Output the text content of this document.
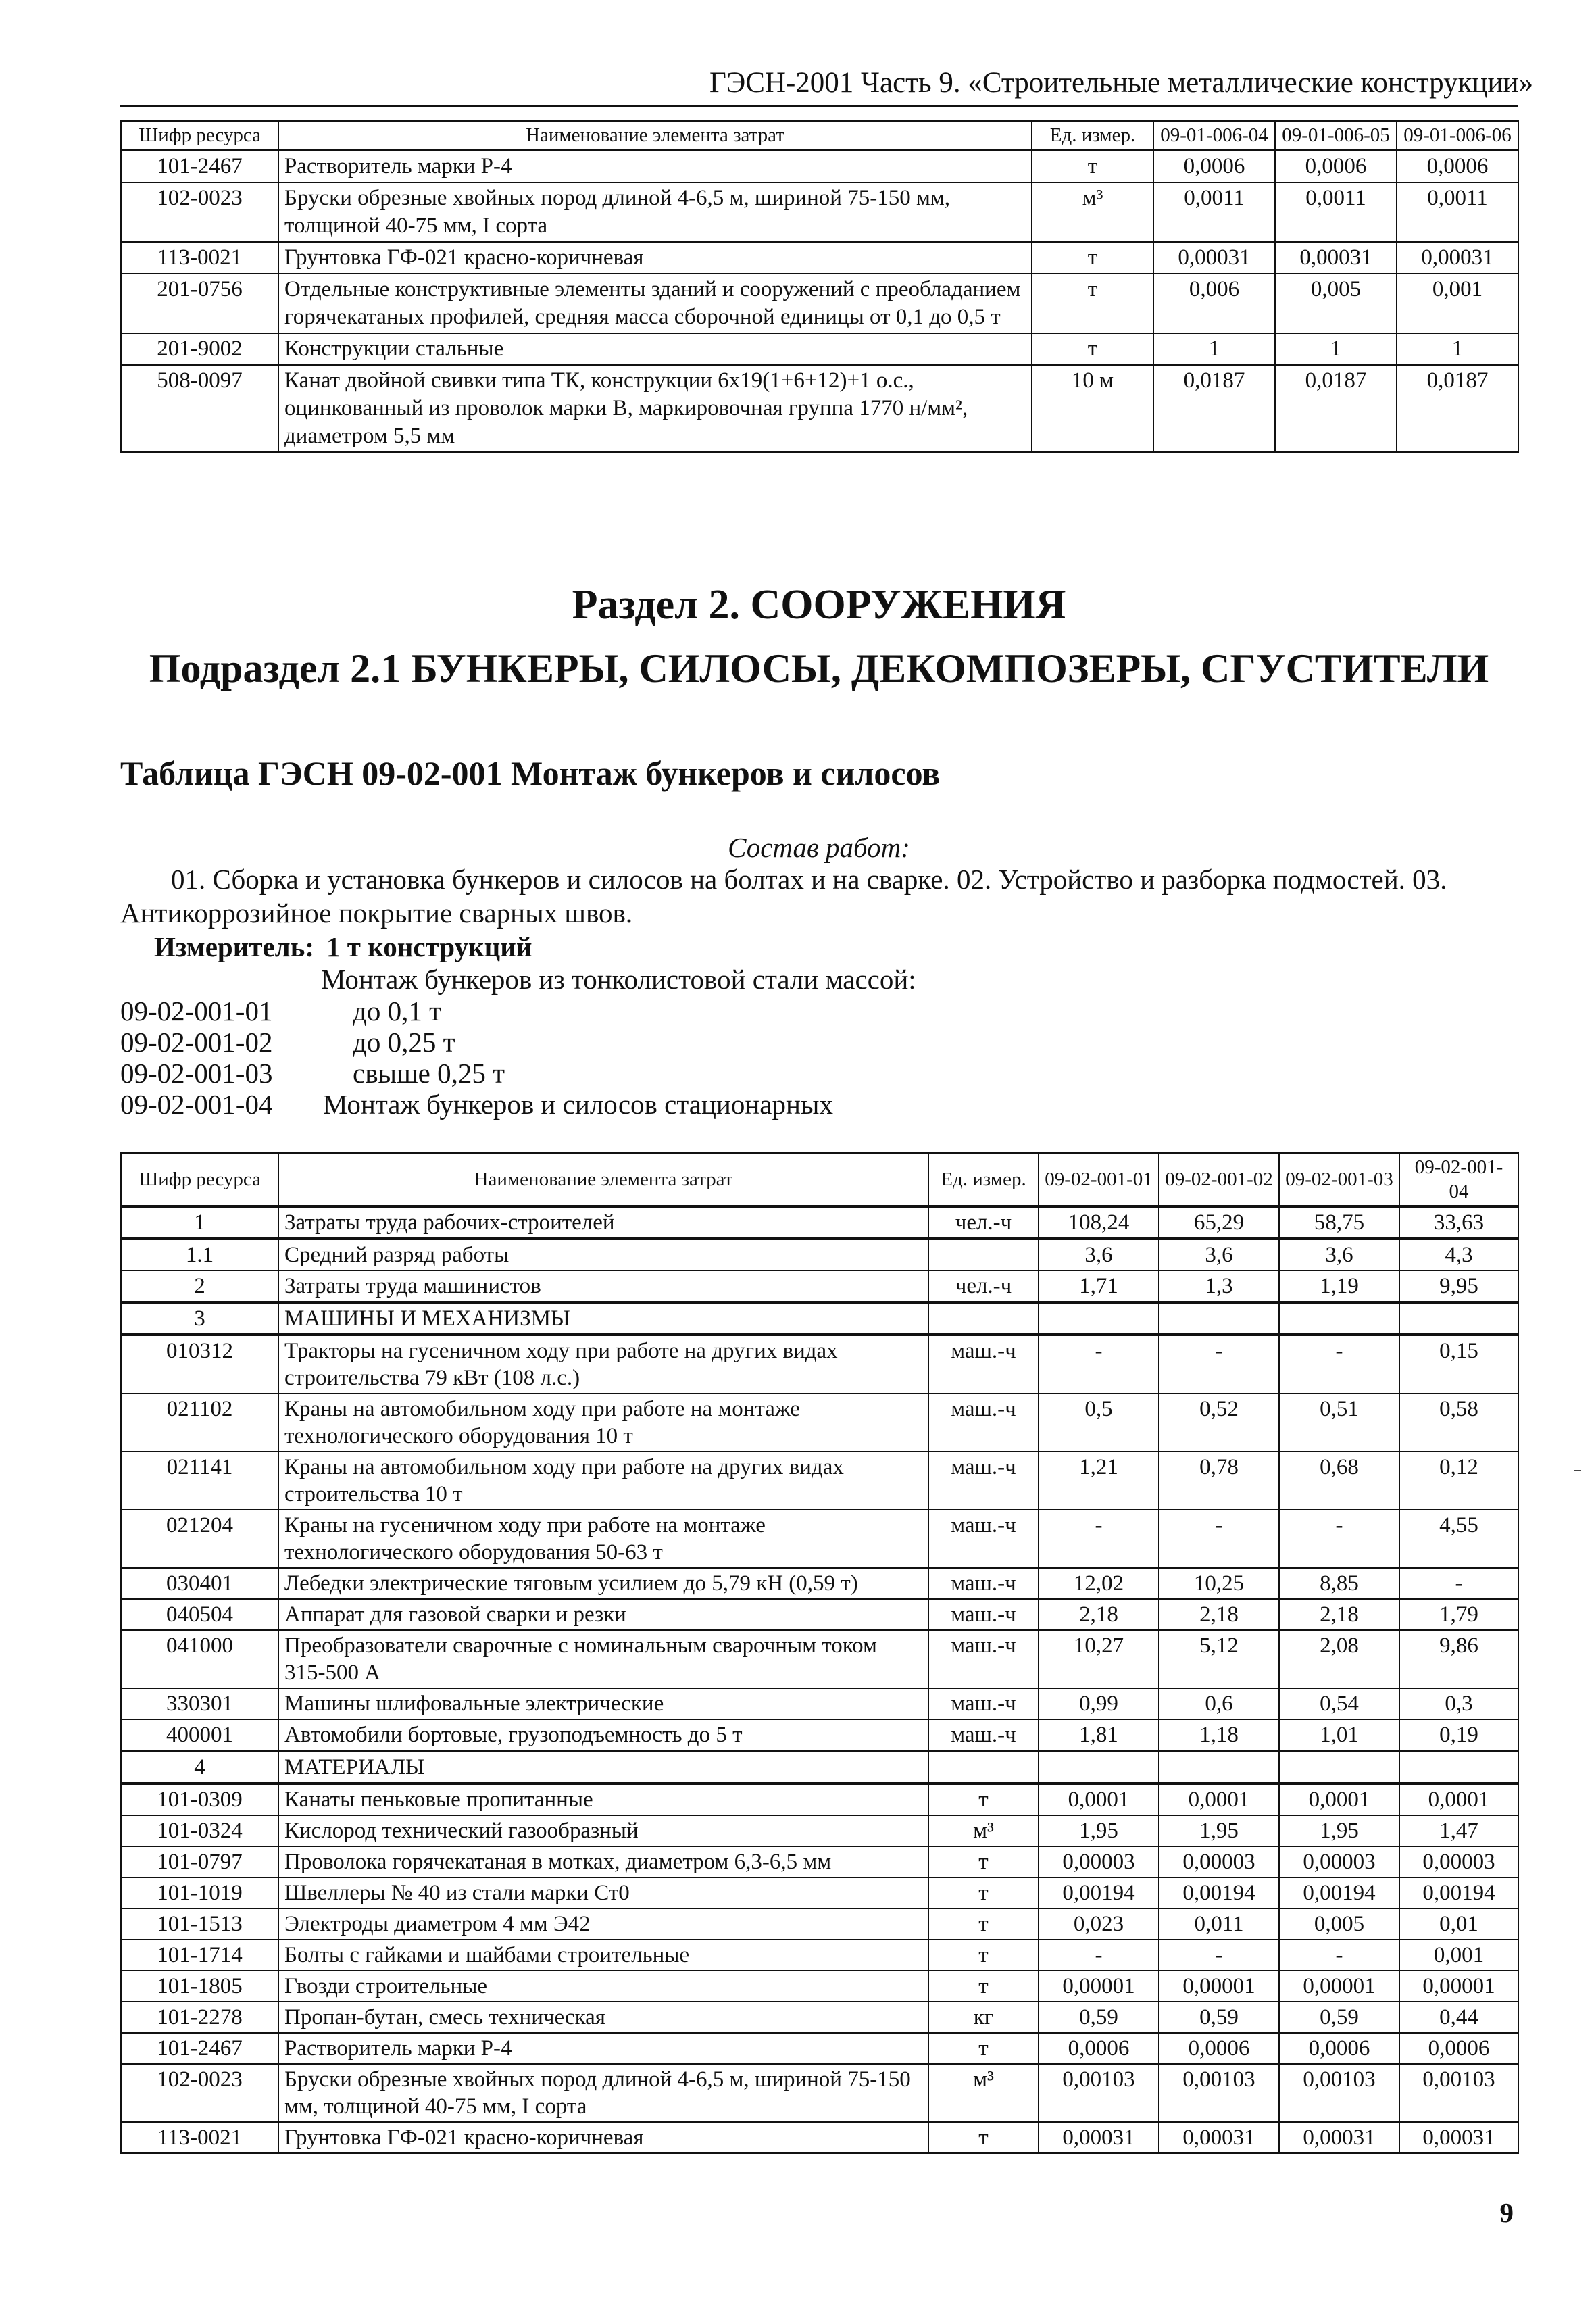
ГЭСН-2001 Часть 9. «Строительные металлические конструкции»
Шифр ресурса	Наименование элемента затрат	Ед. измер.	09-01-006-04	09-01-006-05	09-01-006-06
101-2467	Растворитель марки Р-4	т	0,0006	0,0006	0,0006
102-0023	Бруски обрезные хвойных пород длиной 4-6,5 м, шириной 75-150 мм, толщиной 40-75 мм, I сорта	м³	0,0011	0,0011	0,0011
113-0021	Грунтовка ГФ-021 красно-коричневая	т	0,00031	0,00031	0,00031
201-0756	Отдельные конструктивные элементы зданий и сооружений с преобладанием горячекатаных профилей, средняя масса сборочной единицы от 0,1 до 0,5 т	т	0,006	0,005	0,001
201-9002	Конструкции стальные	т	1	1	1
508-0097	Канат двойной свивки типа ТК, конструкции 6х19(1+6+12)+1 о.с., оцинкованный из проволок марки В, маркировочная группа 1770 н/мм², диаметром 5,5 мм	10 м	0,0187	0,0187	0,0187
Раздел 2. СООРУЖЕНИЯ
Подраздел 2.1 БУНКЕРЫ, СИЛОСЫ, ДЕКОМПОЗЕРЫ, СГУСТИТЕЛИ
Таблица ГЭСН 09-02-001 Монтаж бункеров и силосов
Состав работ:
01. Сборка и установка бункеров и силосов на болтах и на сварке. 02. Устройство и разборка подмостей. 03. Антикоррозийное покрытие сварных швов.
Измеритель: 1 т конструкций
Монтаж бункеров из тонколистовой стали массой:
09-02-001-01	до 0,1 т
09-02-001-02	до 0,25 т
09-02-001-03	свыше 0,25 т
09-02-001-04 Монтаж бункеров и силосов стационарных
Шифр ресурса	Наименование элемента затрат	Ед. измер.	09-02-001-01	09-02-001-02	09-02-001-03	09-02-001-04
1	Затраты труда рабочих-строителей	чел.-ч	108,24	65,29	58,75	33,63
1.1	Средний разряд работы		3,6	3,6	3,6	4,3
2	Затраты труда машинистов	чел.-ч	1,71	1,3	1,19	9,95
3	МАШИНЫ И МЕХАНИЗМЫ					
010312	Тракторы на гусеничном ходу при работе на других видах строительства 79 кВт (108 л.с.)	маш.-ч	-	-	-	0,15
021102	Краны на автомобильном ходу при работе на монтаже технологического оборудования 10 т	маш.-ч	0,5	0,52	0,51	0,58
021141	Краны на автомобильном ходу при работе на других видах строительства 10 т	маш.-ч	1,21	0,78	0,68	0,12
021204	Краны на гусеничном ходу при работе на монтаже технологического оборудования 50-63 т	маш.-ч	-	-	-	4,55
030401	Лебедки электрические тяговым усилием до 5,79 кН (0,59 т)	маш.-ч	12,02	10,25	8,85	-
040504	Аппарат для газовой сварки и резки	маш.-ч	2,18	2,18	2,18	1,79
041000	Преобразователи сварочные с номинальным сварочным током 315-500 А	маш.-ч	10,27	5,12	2,08	9,86
330301	Машины шлифовальные электрические	маш.-ч	0,99	0,6	0,54	0,3
400001	Автомобили бортовые, грузоподъемность до 5 т	маш.-ч	1,81	1,18	1,01	0,19
4	МАТЕРИАЛЫ					
101-0309	Канаты пеньковые пропитанные	т	0,0001	0,0001	0,0001	0,0001
101-0324	Кислород технический газообразный	м³	1,95	1,95	1,95	1,47
101-0797	Проволока горячекатаная в мотках, диаметром 6,3-6,5 мм	т	0,00003	0,00003	0,00003	0,00003
101-1019	Швеллеры № 40 из стали марки Ст0	т	0,00194	0,00194	0,00194	0,00194
101-1513	Электроды диаметром 4 мм Э42	т	0,023	0,011	0,005	0,01
101-1714	Болты с гайками и шайбами строительные	т	-	-	-	0,001
101-1805	Гвозди строительные	т	0,00001	0,00001	0,00001	0,00001
101-2278	Пропан-бутан, смесь техническая	кг	0,59	0,59	0,59	0,44
101-2467	Растворитель марки Р-4	т	0,0006	0,0006	0,0006	0,0006
102-0023	Бруски обрезные хвойных пород длиной 4-6,5 м, шириной 75-150 мм, толщиной 40-75 мм, I сорта	м³	0,00103	0,00103	0,00103	0,00103
113-0021	Грунтовка ГФ-021 красно-коричневая	т	0,00031	0,00031	0,00031	0,00031
9
